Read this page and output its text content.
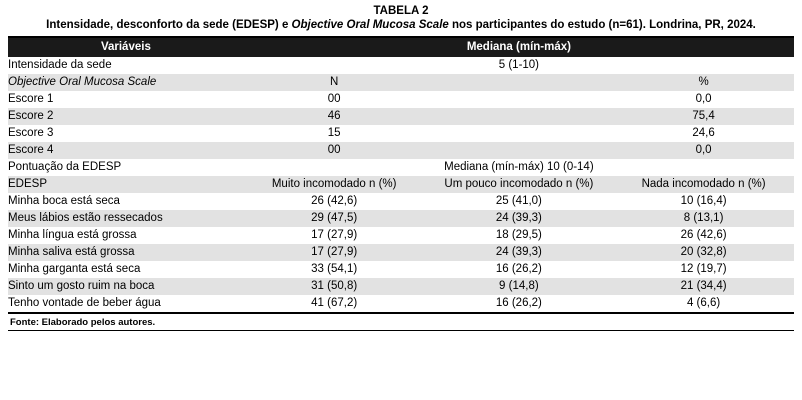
TABELA 2
Intensidade, desconforto da sede (EDESP) e Objective Oral Mucosa Scale nos participantes do estudo (n=61). Londrina, PR, 2024.
Variáveis	Mediana (mín-máx)		
Intensidade da sede	5 (1-10)		
Objective Oral Mucosa Scale	N		%
Escore 1	00		0,0
Escore 2	46		75,4
Escore 3	15		24,6
Escore 4	00		0,0
Pontuação da EDESP	Mediana (mín-máx) 10 (0-14)		
EDESP	Muito incomodado n (%)	Um pouco incomodado n (%)	Nada incomodado n (%)
Minha boca está seca	26 (42,6)	25 (41,0)	10 (16,4)
Meus lábios estão ressecados	29 (47,5)	24 (39,3)	8 (13,1)
Minha língua está grossa	17 (27,9)	18 (29,5)	26 (42,6)
Minha saliva está grossa	17 (27,9)	24 (39,3)	20 (32,8)
Minha garganta está seca	33 (54,1)	16 (26,2)	12 (19,7)
Sinto um gosto ruim na boca	31 (50,8)	9 (14,8)	21 (34,4)
Tenho vontade de beber água	41 (67,2)	16 (26,2)	4 (6,6)
Fonte: Elaborado pelos autores.
